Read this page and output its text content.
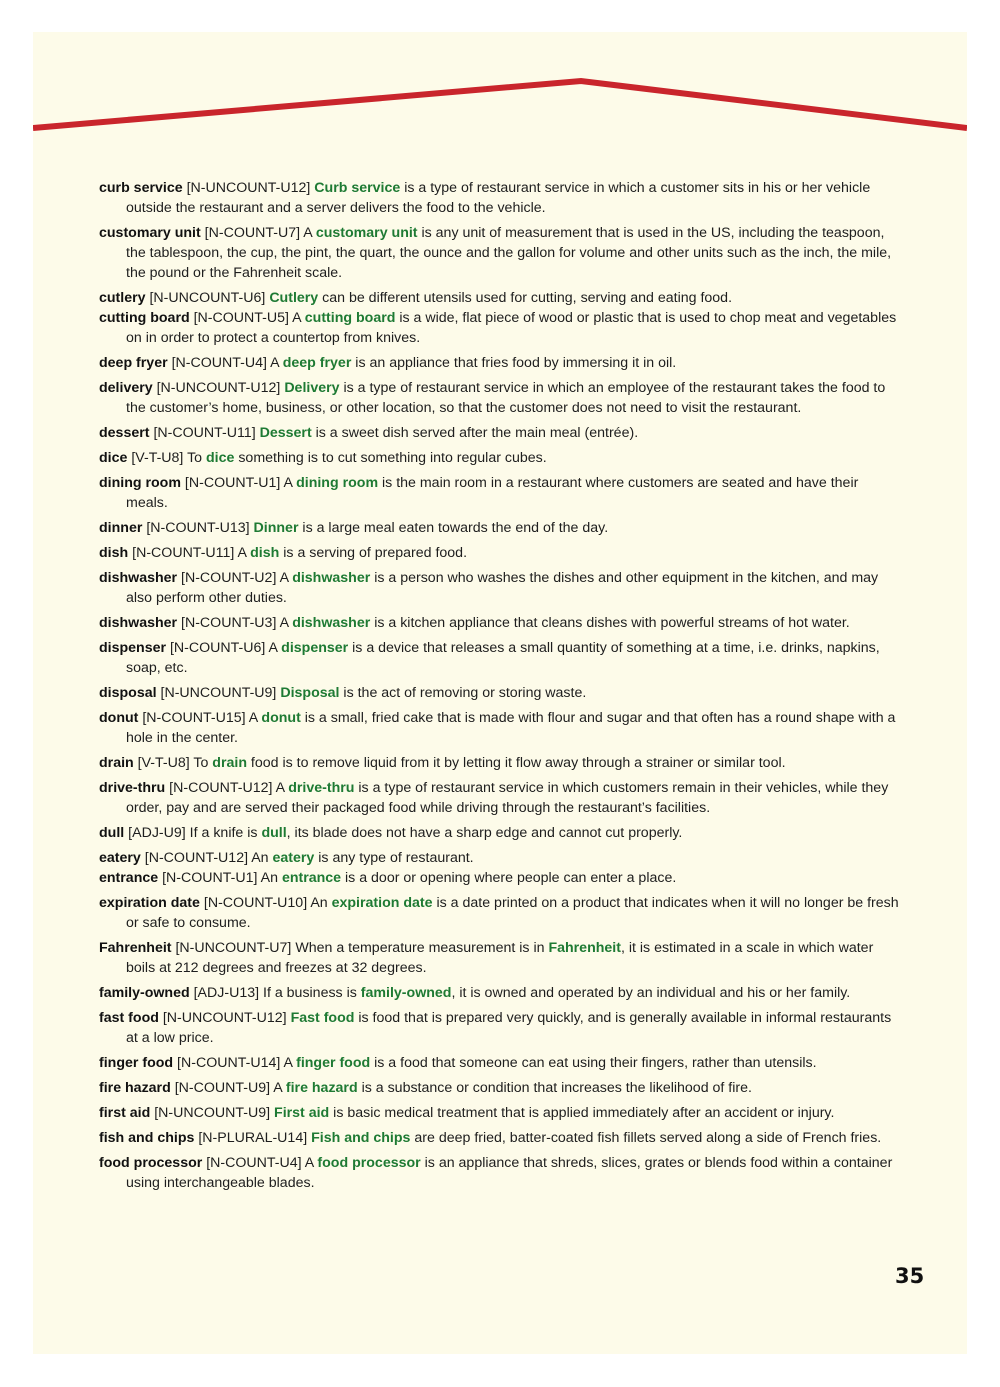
curb service [N-UNCOUNT-U12] Curb service is a type of restaurant service in which a customer sits in his or her vehicle outside the restaurant and a server delivers the food to the vehicle.

customary unit [N-COUNT-U7] A customary unit is any unit of measurement that is used in the US, including the teaspoon, the tablespoon, the cup, the pint, the quart, the ounce and the gallon for volume and other units such as the inch, the mile, the pound or the Fahrenheit scale.

cutlery [N-UNCOUNT-U6] Cutlery can be different utensils used for cutting, serving and eating food.

cutting board [N-COUNT-U5] A cutting board is a wide, flat piece of wood or plastic that is used to chop meat and vegetables on in order to protect a countertop from knives.

deep fryer [N-COUNT-U4] A deep fryer is an appliance that fries food by immersing it in oil.

delivery [N-UNCOUNT-U12] Delivery is a type of restaurant service in which an employee of the restaurant takes the food to the customer’s home, business, or other location, so that the customer does not need to visit the restaurant.

dessert [N-COUNT-U11] Dessert is a sweet dish served after the main meal (entrée).

dice [V-T-U8] To dice something is to cut something into regular cubes.

dining room [N-COUNT-U1] A dining room is the main room in a restaurant where customers are seated and have their meals.

dinner [N-COUNT-U13] Dinner is a large meal eaten towards the end of the day.

dish [N-COUNT-U11] A dish is a serving of prepared food.

dishwasher [N-COUNT-U2] A dishwasher is a person who washes the dishes and other equipment in the kitchen, and may also perform other duties.

dishwasher [N-COUNT-U3] A dishwasher is a kitchen appliance that cleans dishes with powerful streams of hot water.

dispenser [N-COUNT-U6] A dispenser is a device that releases a small quantity of something at a time, i.e. drinks, napkins, soap, etc.

disposal [N-UNCOUNT-U9] Disposal is the act of removing or storing waste.

donut [N-COUNT-U15] A donut is a small, fried cake that is made with flour and sugar and that often has a round shape with a hole in the center.

drain [V-T-U8] To drain food is to remove liquid from it by letting it flow away through a strainer or similar tool.

drive-thru [N-COUNT-U12] A drive-thru is a type of restaurant service in which customers remain in their vehicles, while they order, pay and are served their packaged food while driving through the restaurant’s facilities.

dull [ADJ-U9] If a knife is dull, its blade does not have a sharp edge and cannot cut properly.

eatery [N-COUNT-U12] An eatery is any type of restaurant.

entrance [N-COUNT-U1] An entrance is a door or opening where people can enter a place.

expiration date [N-COUNT-U10] An expiration date is a date printed on a product that indicates when it will no longer be fresh or safe to consume.

Fahrenheit [N-UNCOUNT-U7] When a temperature measurement is in Fahrenheit, it is estimated in a scale in which water boils at 212 degrees and freezes at 32 degrees.

family-owned [ADJ-U13] If a business is family-owned, it is owned and operated by an individual and his or her family.

fast food [N-UNCOUNT-U12] Fast food is food that is prepared very quickly, and is generally available in informal restaurants at a low price.

finger food [N-COUNT-U14] A finger food is a food that someone can eat using their fingers, rather than utensils.

fire hazard [N-COUNT-U9] A fire hazard is a substance or condition that increases the likelihood of fire.

first aid [N-UNCOUNT-U9] First aid is basic medical treatment that is applied immediately after an accident or injury.

fish and chips [N-PLURAL-U14] Fish and chips are deep fried, batter-coated fish fillets served along a side of French fries.

food processor [N-COUNT-U4] A food processor is an appliance that shreds, slices, grates or blends food within a container using interchangeable blades.

35
